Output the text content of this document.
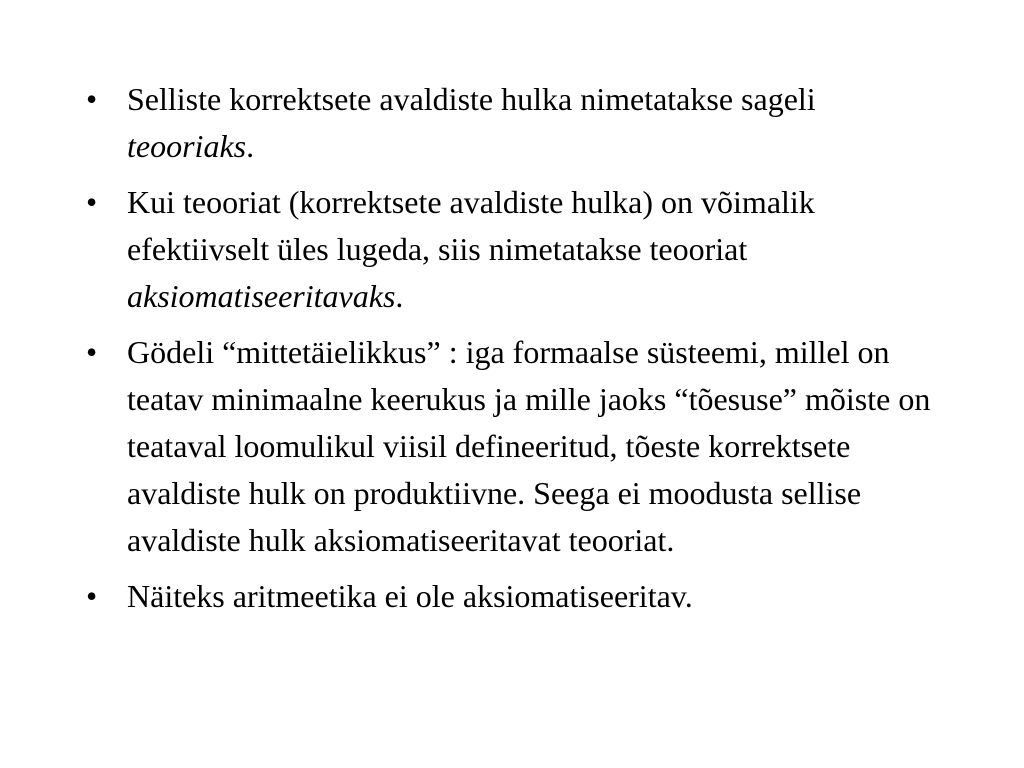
• Selliste korrektsete avaldiste hulka nimetatakse sageli teooriaks.
• Kui teooriat (korrektsete avaldiste hulka) on võimalik efektiivselt üles lugeda, siis nimetatakse teooriat aksiomatiseeritavaks.
• Gödeli “mittetäielikkus” : iga formaalse süsteemi, millel on teatav minimaalne keerukus ja mille jaoks “tõesuse” mõiste on teataval loomulikul viisil defineeritud, tõeste korrektsete avaldiste hulk on produktiivne. Seega ei moodusta sellise avaldiste hulk aksiomatiseeritavat teooriat.
• Näiteks aritmeetika ei ole aksiomatiseeritav.
